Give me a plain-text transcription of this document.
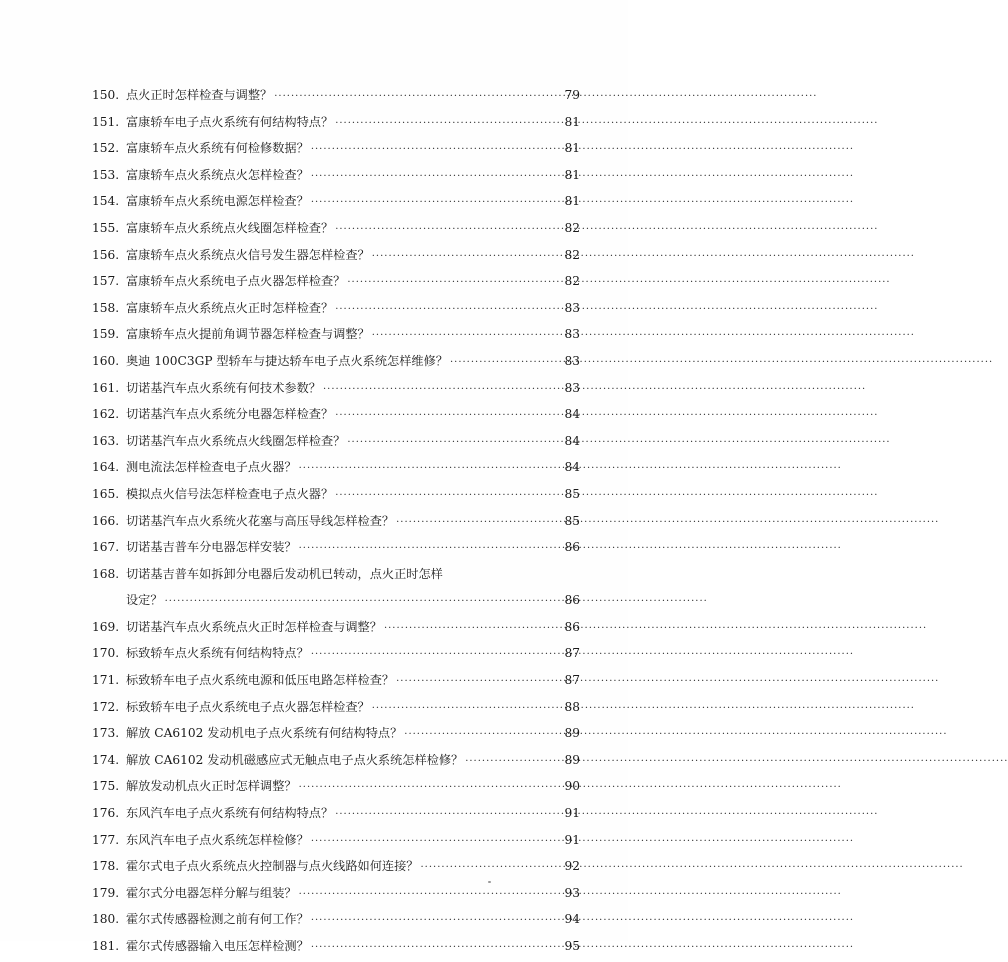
150. 点火正时怎样检查与调整？ ·····	79
151. 富康轿车电子点火系统有何结构特点？ ·····	81
152. 富康轿车点火系统有何检修数据？ ·····	81
153. 富康轿车点火系统点火怎样检查？ ·····	81
154. 富康轿车点火系统电源怎样检查？ ·····	81
155. 富康轿车点火系统点火线圈怎样检查？ ·····	82
156. 富康轿车点火系统点火信号发生器怎样检查？ ·····	82
157. 富康轿车点火系统电子点火器怎样检查？ ·····	82
158. 富康轿车点火系统点火正时怎样检查？ ·····	83
159. 富康轿车点火提前角调节器怎样检查与调整？ ·····	83
160. 奥迪 100C3GP 型轿车与捷达轿车电子点火系统怎样维修？ ·····	83
161. 切诺基汽车点火系统有何技术参数？ ·····	83
162. 切诺基汽车点火系统分电器怎样检查？ ·····	84
163. 切诺基汽车点火系统点火线圈怎样检查？ ·····	84
164. 测电流法怎样检查电子点火器？ ·····	84
165. 模拟点火信号法怎样检查电子点火器？ ·····	85
166. 切诺基汽车点火系统火花塞与高压导线怎样检查？ ·····	85
167. 切诺基吉普车分电器怎样安装？ ·····	86
168. 切诺基吉普车如拆卸分电器后发动机已转动，点火正时怎样
设定？ ·····	86
169. 切诺基汽车点火系统点火正时怎样检查与调整？ ·····	86
170. 标致轿车点火系统有何结构特点？ ·····	87
171. 标致轿车电子点火系统电源和低压电路怎样检查？ ·····	87
172. 标致轿车电子点火系统电子点火器怎样检查？ ·····	88
173. 解放 CA6102 发动机电子点火系统有何结构特点？ ·····	89
174. 解放 CA6102 发动机磁感应式无触点电子点火系统怎样检修？ ·····	89
175. 解放发动机点火正时怎样调整？ ·····	90
176. 东风汽车电子点火系统有何结构特点？ ·····	91
177. 东风汽车电子点火系统怎样检修？ ·····	91
178. 霍尔式电子点火系统点火控制器与点火线路如何连接？ ·····	92
179. 霍尔式分电器怎样分解与组装？ ·····	93
180. 霍尔式传感器检测之前有何工作？ ·····	94
181. 霍尔式传感器输入电压怎样检测？ ·····	95
